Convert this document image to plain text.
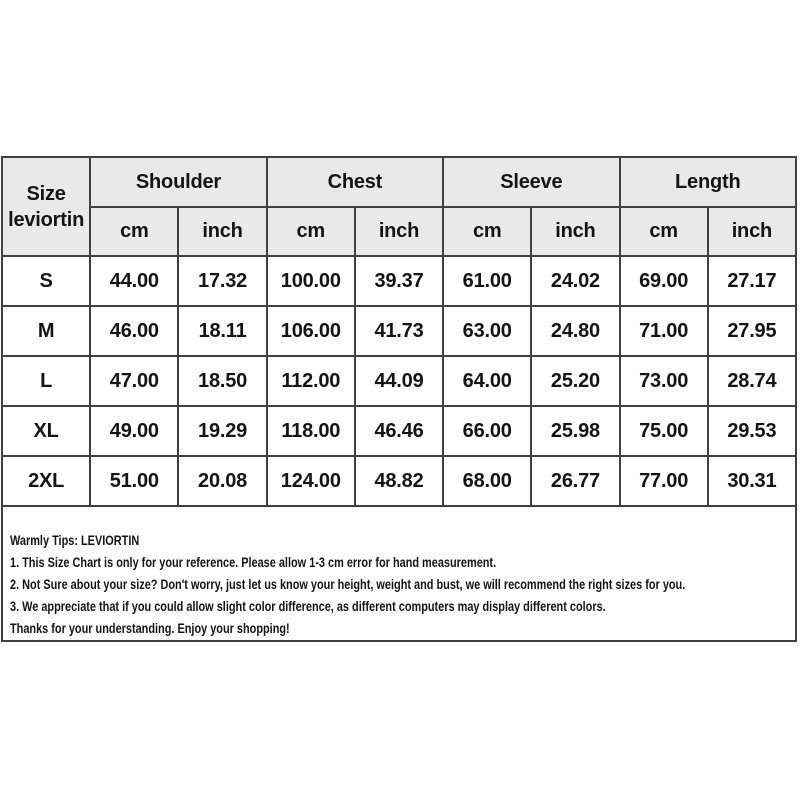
Size
leviortin	Shoulder		Chest		Sleeve		Length	
	cm	inch	cm	inch	cm	inch	cm	inch
S	44.00	17.32	100.00	39.37	61.00	24.02	69.00	27.17
M	46.00	18.11	106.00	41.73	63.00	24.80	71.00	27.95
L	47.00	18.50	112.00	44.09	64.00	25.20	73.00	28.74
XL	49.00	19.29	118.00	46.46	66.00	25.98	75.00	29.53
2XL	51.00	20.08	124.00	48.82	68.00	26.77	77.00	30.31
Warmly Tips: LEVIORTIN
1. This Size Chart is only for your reference. Please allow 1-3 cm error for hand measurement.
2. Not Sure about your size? Don't worry, just let us know your height, weight and bust, we will recommend the right sizes for you.
3. We appreciate that if you could allow slight color difference, as different computers may display different colors.
Thanks for your understanding. Enjoy your shopping!
